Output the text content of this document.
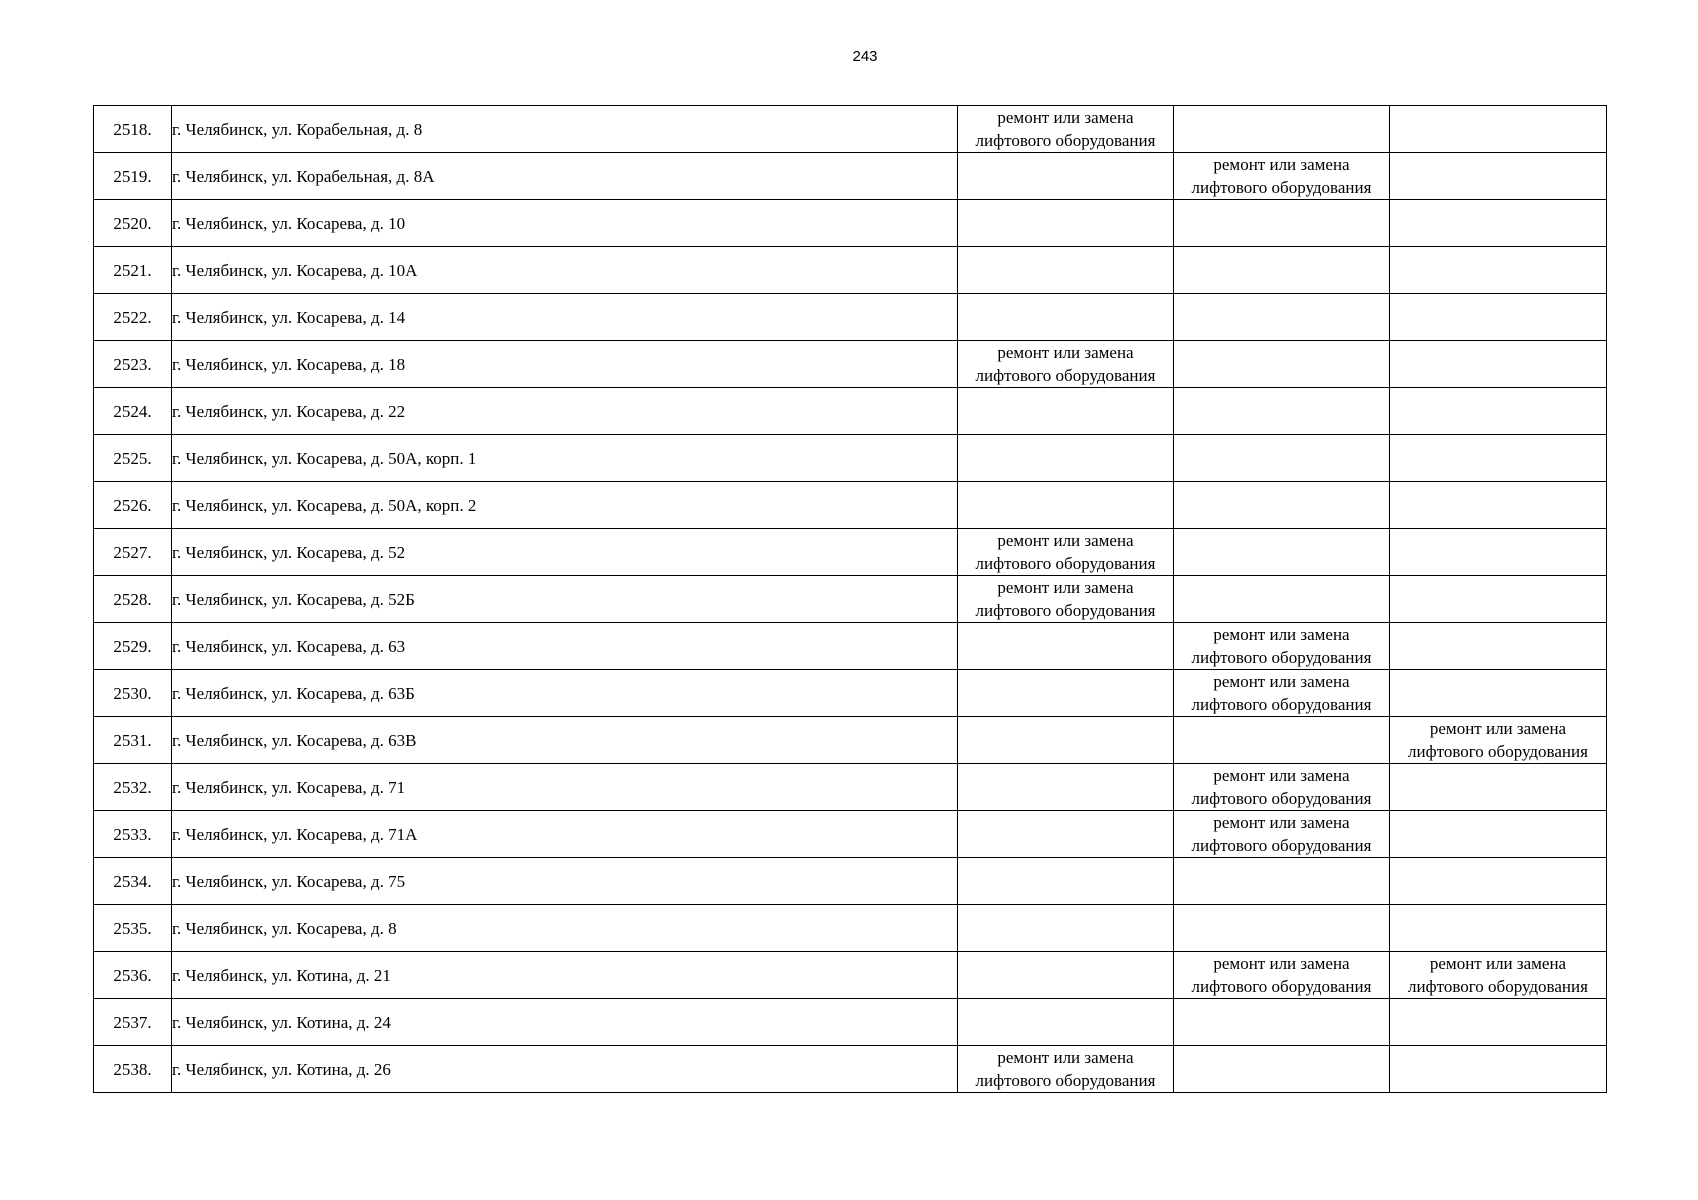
243
2518.	г. Челябинск, ул. Корабельная, д. 8	ремонт или замена лифтового оборудования		
2519.	г. Челябинск, ул. Корабельная, д. 8А		ремонт или замена лифтового оборудования	
2520.	г. Челябинск, ул. Косарева, д. 10			
2521.	г. Челябинск, ул. Косарева, д. 10А			
2522.	г. Челябинск, ул. Косарева, д. 14			
2523.	г. Челябинск, ул. Косарева, д. 18	ремонт или замена лифтового оборудования		
2524.	г. Челябинск, ул. Косарева, д. 22			
2525.	г. Челябинск, ул. Косарева, д. 50А, корп. 1			
2526.	г. Челябинск, ул. Косарева, д. 50А, корп. 2			
2527.	г. Челябинск, ул. Косарева, д. 52	ремонт или замена лифтового оборудования		
2528.	г. Челябинск, ул. Косарева, д. 52Б	ремонт или замена лифтового оборудования		
2529.	г. Челябинск, ул. Косарева, д. 63		ремонт или замена лифтового оборудования	
2530.	г. Челябинск, ул. Косарева, д. 63Б		ремонт или замена лифтового оборудования	
2531.	г. Челябинск, ул. Косарева, д. 63В			ремонт или замена лифтового оборудования
2532.	г. Челябинск, ул. Косарева, д. 71		ремонт или замена лифтового оборудования	
2533.	г. Челябинск, ул. Косарева, д. 71А		ремонт или замена лифтового оборудования	
2534.	г. Челябинск, ул. Косарева, д. 75			
2535.	г. Челябинск, ул. Косарева, д. 8			
2536.	г. Челябинск, ул. Котина, д. 21		ремонт или замена лифтового оборудования	ремонт или замена лифтового оборудования
2537.	г. Челябинск, ул. Котина, д. 24			
2538.	г. Челябинск, ул. Котина, д. 26	ремонт или замена лифтового оборудования		
